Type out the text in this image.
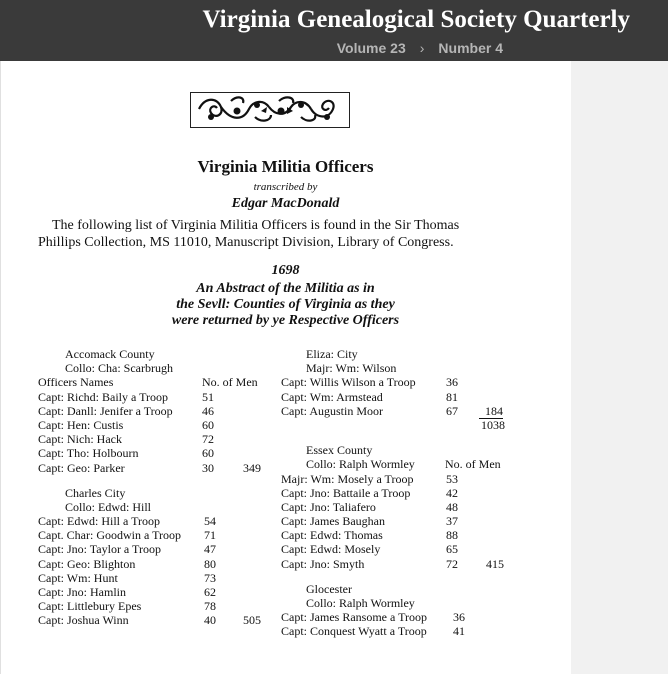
Virginia Genealogical Society Quarterly
Volume 23 › Number 4
Virginia Militia Officers
transcribed by
Edgar MacDonald
The following list of Virginia Militia Officers is found in the Sir Thomas
Phillips Collection, MS 11010, Manuscript Division, Library of Congress.
1698
An Abstract of the Militia as in
the Sevll: Counties of Virginia as they
were returned by ye Respective Officers
Accomack County
Collo: Cha: Scarbrugh
Officers Names	No. of Men
Capt: Richd: Baily a Troop	51
Capt: Danll: Jenifer a Troop 46
Capt: Hen: Custis	60
Capt: Nich: Hack	72
Capt: Tho: Holbourn	60
Capt: Geo: Parker	30 349
Charles City
Collo: Edwd: Hill
Capt: Edwd: Hill a Troop	54
Capt. Char: Goodwin a Troop 71
Capt: Jno: Taylor a Troop	47
Capt: Geo: Blighton	80
Capt: Wm: Hunt	73
Capt: Jno: Hamlin	62
Capt: Littlebury Epes	78
Capt: Joshua Winn	40 505
Eliza: City
Majr: Wm: Wilson
Capt: Willis Wilson a Troop	36
Capt: Wm: Armstead	81
Capt: Augustin Moor	67	184
1038
Essex County
Collo: Ralph Wormley	No. of Men
Majr: Wm: Mosely a Troop	53
Capt: Jno: Battaile a Troop	42
Capt: Jno: Taliafero	48
Capt: James Baughan	37
Capt: Edwd: Thomas	88
Capt: Edwd: Mosely	65
Capt: Jno: Smyth	72 415
Glocester
Collo: Ralph Wormley
Capt: James Ransome a Troop 36
Capt: Conquest Wyatt a Troop 41
